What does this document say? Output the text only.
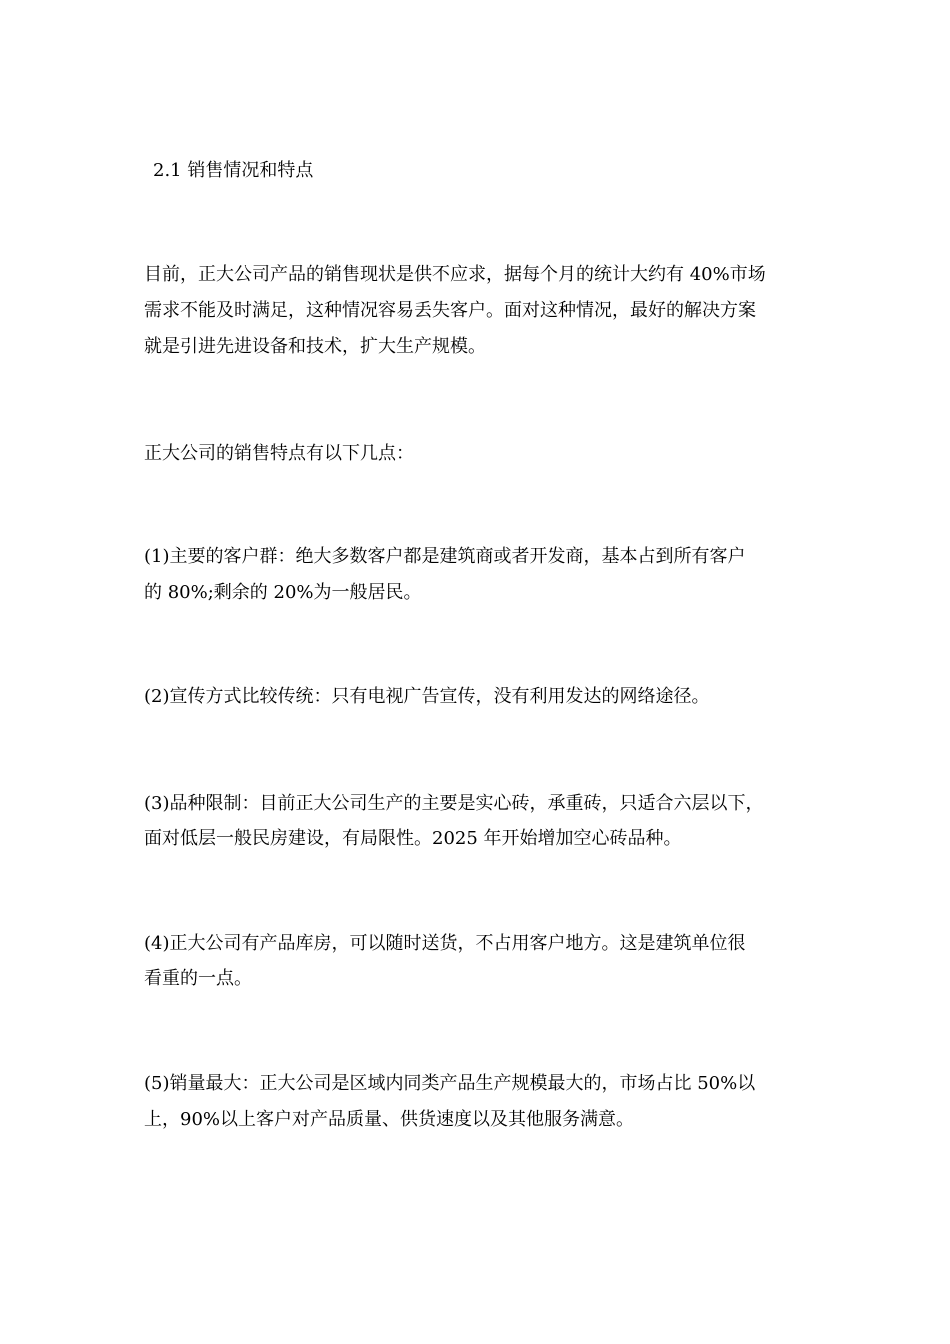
2.1 销售情况和特点

目前，正大公司产品的销售现状是供不应求，据每个月的统计大约有 40%市场

需求不能及时满足，这种情况容易丢失客户。面对这种情况，最好的解决方案

就是引进先进设备和技术，扩大生产规模。

正大公司的销售特点有以下几点：

(1)主要的客户群：绝大多数客户都是建筑商或者开发商，基本占到所有客户

的 80%;剩余的 20%为一般居民。

(2)宣传方式比较传统：只有电视广告宣传，没有利用发达的网络途径。

(3)品种限制：目前正大公司生产的主要是实心砖，承重砖，只适合六层以下，

面对低层一般民房建设，有局限性。2025 年开始增加空心砖品种。

(4)正大公司有产品库房，可以随时送货，不占用客户地方。这是建筑单位很

看重的一点。

(5)销量最大：正大公司是区域内同类产品生产规模最大的，市场占比 50%以

上，90%以上客户对产品质量、供货速度以及其他服务满意。
